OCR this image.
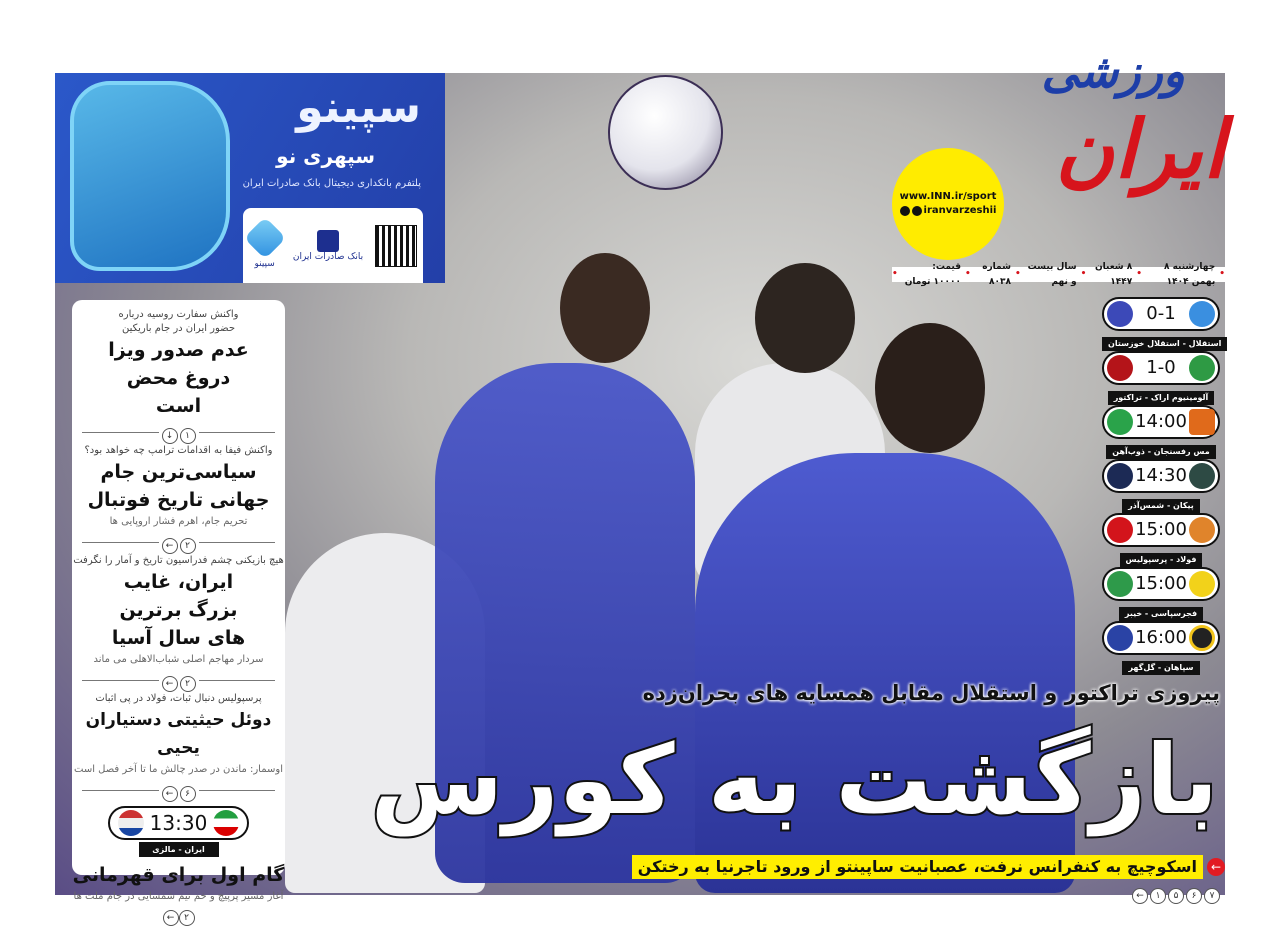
سپینو
سپهری نو
پلتفرم بانکداری دیجیتال بانک صادرات ایران
بانک صادرات ایران
سپینو
ورزشی
ایران
www.INN.ir/sport
iranvarzeshii
•
چهارشنبه ۸ بهمن ۱۴۰۴
•
۸ شعبان ۱۴۴۷
•
سال بیست و نهم
•
شماره ۸۰۳۸
•
قیمت: ۱۰۰۰۰ تومان
•
واکنش سفارت روسیه درباره حضور ایران در جام باریکین
عدم صدور ویزا دروغ محض است
۱
↓
واکنش فیفا به اقدامات ترامپ چه خواهد بود؟
سیاسی‌ترین جام جهانی تاریخ فوتبال
تحریم جام، اهرم فشار اروپایی ها
۲
←
هیچ بازیکنی چشم فدراسیون تاریخ و آمار را نگرفت
ایران، غایب بزرگ برترین های سال آسیا
سردار مهاجم اصلی شباب‌الاهلی می ماند
۲
←
پرسپولیس دنبال ثبات، فولاد در پی اثبات
دوئل حیثیتی دستیاران یحیی
اوسمار: ماندن در صدر چالش ما تا آخر فصل است
۶
←
13:30
ایران - مالزی
گام اول برای قهرمانی
آغاز مسیر پرپیچ و خم تیم شمسایی در جام ملت ها
← ۲
0-1
استقلال - استقلال خوزستان
1-0
آلومینیوم اراک - تراکتور
14:00
مس رفسنجان - ذوب‌آهن
14:30
پیکان - شمس‌آذر
15:00
فولاد - پرسپولیس
15:00
فجرسپاسی - خیبر
16:00
سپاهان - گل‌گهر
پیروزی تراکتور و استقلال مقابل همسایه های بحران‌زده
بازگشت به کورس
←
اسکوچیچ به کنفرانس نرفت، عصبانیت ساپینتو از ورود تاجرنیا به رختکن
۷
۶
۵
۱
←
